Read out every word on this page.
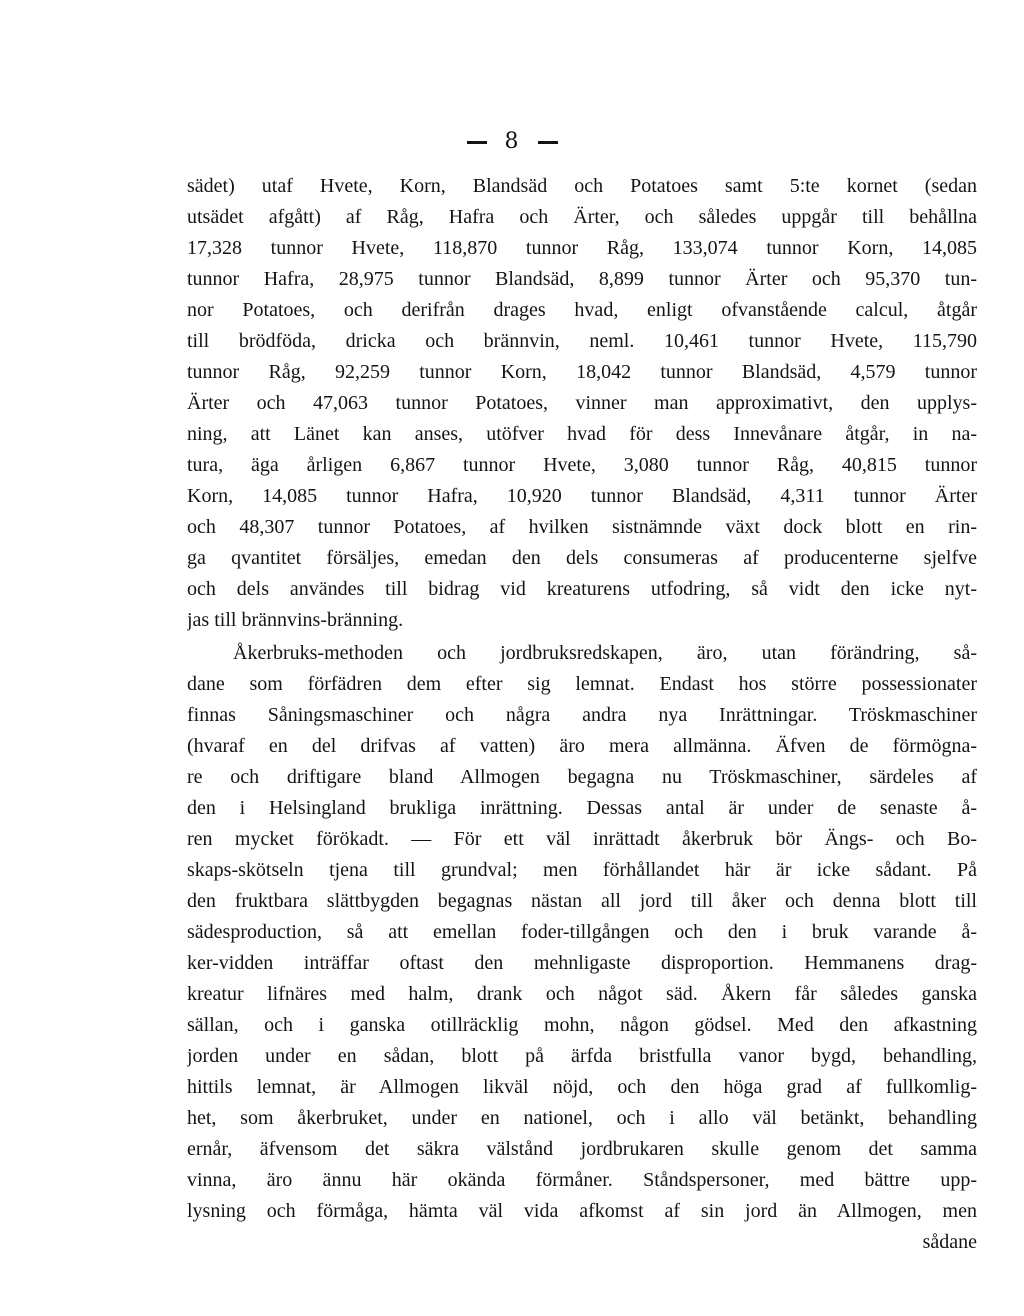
8
sädet) utaf Hvete, Korn, Blandsäd och Potatoes samt 5:te kornet (sedan
utsädet afgått) af Råg, Hafra och Ärter, och således uppgår till behållna
17,328 tunnor Hvete, 118,870 tunnor Råg, 133,074 tunnor Korn, 14,085
tunnor Hafra, 28,975 tunnor Blandsäd, 8,899 tunnor Ärter och 95,370 tun-
nor Potatoes, och derifrån drages hvad, enligt ofvanstående calcul, åtgår
till brödföda, dricka och brännvin, neml. 10,461 tunnor Hvete, 115,790
tunnor Råg, 92,259 tunnor Korn, 18,042 tunnor Blandsäd, 4,579 tunnor
Ärter och 47,063 tunnor Potatoes, vinner man approximativt, den upplys-
ning, att Länet kan anses, utöfver hvad för dess Innevånare åtgår, in na-
tura, äga årligen 6,867 tunnor Hvete, 3,080 tunnor Råg, 40,815 tunnor
Korn, 14,085 tunnor Hafra, 10,920 tunnor Blandsäd, 4,311 tunnor Ärter
och 48,307 tunnor Potatoes, af hvilken sistnämnde växt dock blott en rin-
ga qvantitet försäljes, emedan den dels consumeras af producenterne sjelfve
och dels användes till bidrag vid kreaturens utfodring, så vidt den icke nyt-
jas till brännvins-bränning.
Åkerbruks-methoden och jordbruksredskapen, äro, utan förändring, så-
dane som förfädren dem efter sig lemnat. Endast hos större possessionater
finnas Såningsmaschiner och några andra nya Inrättningar. Tröskmaschiner
(hvaraf en del drifvas af vatten) äro mera allmänna. Äfven de förmögna-
re och driftigare bland Allmogen begagna nu Tröskmaschiner, särdeles af
den i Helsingland brukliga inrättning. Dessas antal är under de senaste å-
ren mycket förökadt. — För ett väl inrättadt åkerbruk bör Ängs- och Bo-
skaps-skötseln tjena till grundval; men förhållandet här är icke sådant. På
den fruktbara slättbygden begagnas nästan all jord till åker och denna blott till
sädesproduction, så att emellan foder-tillgången och den i bruk varande å-
ker-vidden inträffar oftast den mehnligaste disproportion. Hemmanens drag-
kreatur lifnäres med halm, drank och något säd. Åkern får således ganska
sällan, och i ganska otillräcklig mohn, någon gödsel. Med den afkastning
jorden under en sådan, blott på ärfda bristfulla vanor bygd, behandling,
hittils lemnat, är Allmogen likväl nöjd, och den höga grad af fullkomlig-
het, som åkerbruket, under en nationel, och i allo väl betänkt, behandling
ernår, äfvensom det säkra välstånd jordbrukaren skulle genom det samma
vinna, äro ännu här okända förmåner. Ståndspersoner, med bättre upp-
lysning och förmåga, hämta väl vida afkomst af sin jord än Allmogen, men
sådane
